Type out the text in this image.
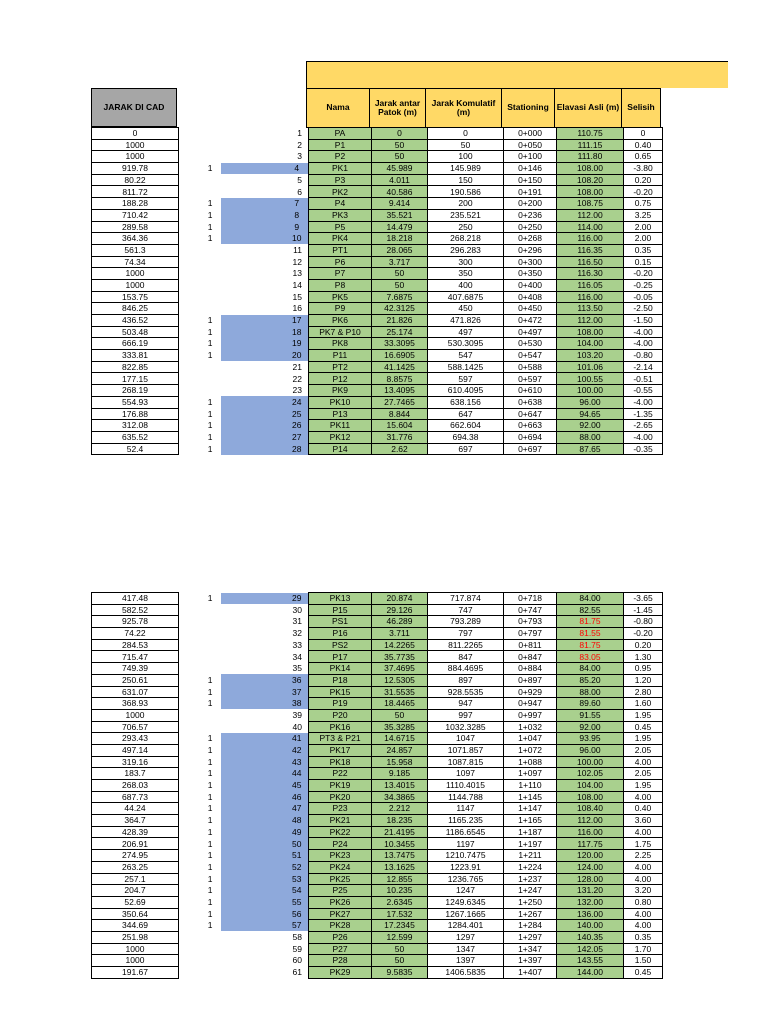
JARAK DI CAD	Nama	Jarak antar Patok (m)	Jarak Komulatif (m)	Stationing	Elavasi Asli (m)	Selisih
0		1	PA	0	0	0+000	110.75	0
1000		2	P1	50	50	0+050	111.15	0.40
1000		3	P2	50	100	0+100	111.80	0.65
919.78	1	4	PK1	45.989	145.989	0+146	108.00	-3.80
80.22		5	P3	4.011	150	0+150	108.20	0.20
811.72		6	PK2	40.586	190.586	0+191	108.00	-0.20
188.28	1	7	P4	9.414	200	0+200	108.75	0.75
710.42	1	8	PK3	35.521	235.521	0+236	112.00	3.25
289.58	1	9	P5	14.479	250	0+250	114.00	2.00
364.36	1	10	PK4	18.218	268.218	0+268	116.00	2.00
561.3		11	PT1	28.065	296.283	0+296	116.35	0.35
74.34		12	P6	3.717	300	0+300	116.50	0.15
1000		13	P7	50	350	0+350	116.30	-0.20
1000		14	P8	50	400	0+400	116.05	-0.25
153.75		15	PK5	7.6875	407.6875	0+408	116.00	-0.05
846.25		16	P9	42.3125	450	0+450	113.50	-2.50
436.52	1	17	PK6	21.826	471.826	0+472	112.00	-1.50
503.48	1	18	PK7 & P10	25.174	497	0+497	108.00	-4.00
666.19	1	19	PK8	33.3095	530.3095	0+530	104.00	-4.00
333.81	1	20	P11	16.6905	547	0+547	103.20	-0.80
822.85		21	PT2	41.1425	588.1425	0+588	101.06	-2.14
177.15		22	P12	8.8575	597	0+597	100.55	-0.51
268.19		23	PK9	13.4095	610.4095	0+610	100.00	-0.55
554.93	1	24	PK10	27.7465	638.156	0+638	96.00	-4.00
176.88	1	25	P13	8.844	647	0+647	94.65	-1.35
312.08	1	26	PK11	15.604	662.604	0+663	92.00	-2.65
635.52	1	27	PK12	31.776	694.38	0+694	88.00	-4.00
52.4	1	28	P14	2.62	697	0+697	87.65	-0.35
417.48	1	29	PK13	20.874	717.874	0+718	84.00	-3.65
582.52		30	P15	29.126	747	0+747	82.55	-1.45
925.78		31	PS1	46.289	793.289	0+793	81.75	-0.80
74.22		32	P16	3.711	797	0+797	81.55	-0.20
284.53		33	PS2	14.2265	811.2265	0+811	81.75	0.20
715.47		34	P17	35.7735	847	0+847	83.05	1.30
749.39		35	PK14	37.4695	884.4695	0+884	84.00	0.95
250.61	1	36	P18	12.5305	897	0+897	85.20	1.20
631.07	1	37	PK15	31.5535	928.5535	0+929	88.00	2.80
368.93	1	38	P19	18.4465	947	0+947	89.60	1.60
1000		39	P20	50	997	0+997	91.55	1.95
706.57		40	PK16	35.3285	1032.3285	1+032	92.00	0.45
293.43	1	41	PT3 & P21	14.6715	1047	1+047	93.95	1.95
497.14	1	42	PK17	24.857	1071.857	1+072	96.00	2.05
319.16	1	43	PK18	15.958	1087.815	1+088	100.00	4.00
183.7	1	44	P22	9.185	1097	1+097	102.05	2.05
268.03	1	45	PK19	13.4015	1110.4015	1+110	104.00	1.95
687.73	1	46	PK20	34.3865	1144.788	1+145	108.00	4.00
44.24	1	47	P23	2.212	1147	1+147	108.40	0.40
364.7	1	48	PK21	18.235	1165.235	1+165	112.00	3.60
428.39	1	49	PK22	21.4195	1186.6545	1+187	116.00	4.00
206.91	1	50	P24	10.3455	1197	1+197	117.75	1.75
274.95	1	51	PK23	13.7475	1210.7475	1+211	120.00	2.25
263.25	1	52	PK24	13.1625	1223.91	1+224	124.00	4.00
257.1	1	53	PK25	12.855	1236.765	1+237	128.00	4.00
204.7	1	54	P25	10.235	1247	1+247	131.20	3.20
52.69	1	55	PK26	2.6345	1249.6345	1+250	132.00	0.80
350.64	1	56	PK27	17.532	1267.1665	1+267	136.00	4.00
344.69	1	57	PK28	17.2345	1284.401	1+284	140.00	4.00
251.98		58	P26	12.599	1297	1+297	140.35	0.35
1000		59	P27	50	1347	1+347	142.05	1.70
1000		60	P28	50	1397	1+397	143.55	1.50
191.67		61	PK29	9.5835	1406.5835	1+407	144.00	0.45
